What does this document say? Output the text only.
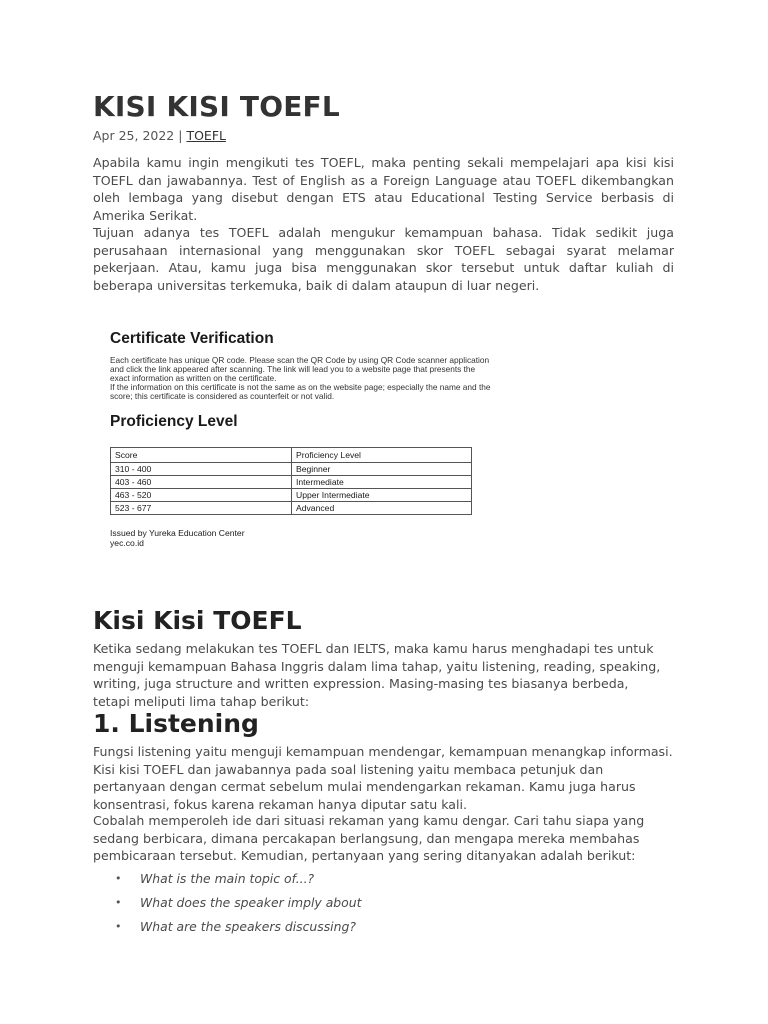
KISI KISI TOEFL
Apr 25, 2022 | TOEFL

Apabila kamu ingin mengikuti tes TOEFL, maka penting sekali mempelajari apa kisi kisi TOEFL dan jawabannya. Test of English as a Foreign Language atau TOEFL dikembangkan oleh lembaga yang disebut dengan ETS atau Educational Testing Service berbasis di Amerika Serikat.

Tujuan adanya tes TOEFL adalah mengukur kemampuan bahasa. Tidak sedikit juga perusahaan internasional yang menggunakan skor TOEFL sebagai syarat melamar pekerjaan. Atau, kamu juga bisa menggunakan skor tersebut untuk daftar kuliah di beberapa universitas terkemuka, baik di dalam ataupun di luar negeri.

Kisi Kisi TOEFL

Ketika sedang melakukan tes TOEFL dan IELTS, maka kamu harus menghadapi tes untuk menguji kemampuan Bahasa Inggris dalam lima tahap, yaitu listening, reading, speaking, writing, juga structure and written expression. Masing-masing tes biasanya berbeda, tetapi meliputi lima tahap berikut:

1. Listening

Fungsi listening yaitu menguji kemampuan mendengar, kemampuan menangkap informasi. Kisi kisi TOEFL dan jawabannya pada soal listening yaitu membaca petunjuk dan pertanyaan dengan cermat sebelum mulai mendengarkan rekaman. Kamu juga harus konsentrasi, fokus karena rekaman hanya diputar satu kali.

Cobalah memperoleh ide dari situasi rekaman yang kamu dengar. Cari tahu siapa yang sedang berbicara, dimana percakapan berlangsung, dan mengapa mereka membahas pembicaraan tersebut. Kemudian, pertanyaan yang sering ditanyakan adalah berikut:

• What is the main topic of...?
• What does the speaker imply about
• What are the speakers discussing?
Certificate Verification
Each certificate has unique QR code. Please scan the QR Code by using QR Code scanner application
and click the link appeared after scanning. The link will lead you to a website page that presents the
exact information as written on the certificate.
If the information on this certificate is not the same as on the website page; especially the name and the
score; this certificate is considered as counterfeit or not valid.
Proficiency Level
Score	Proficiency Level
310 - 400	Beginner
403 - 460	Intermediate
463 - 520	Upper Intermediate
523 - 677	Advanced
Issued by Yureka Education Center
yec.co.id
